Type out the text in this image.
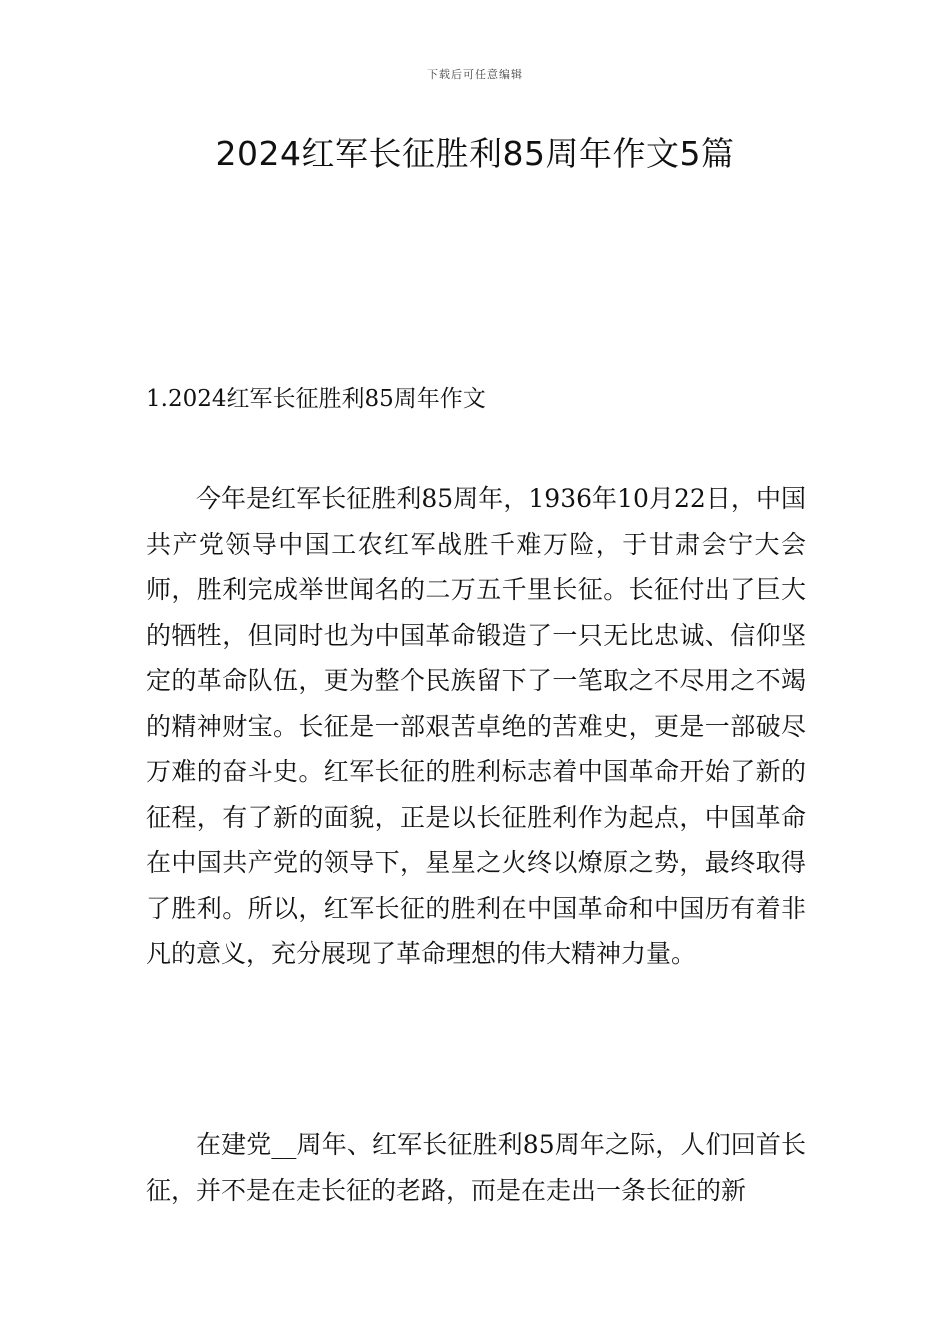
下载后可任意编辑
2024红军长征胜利85周年作文5篇
1.2024红军长征胜利85周年作文

今年是红军长征胜利85周年，1936年10月22日，中国共产党领导中国工农红军战胜千难万险，于甘肃会宁大会师，胜利完成举世闻名的二万五千里长征。长征付出了巨大的牺牲，但同时也为中国革命锻造了一只无比忠诚、信仰坚定的革命队伍，更为整个民族留下了一笔取之不尽用之不竭的精神财宝。长征是一部艰苦卓绝的苦难史，更是一部破尽万难的奋斗史。红军长征的胜利标志着中国革命开始了新的征程，有了新的面貌，正是以长征胜利作为起点，中国革命在中国共产党的领导下，星星之火终以燎原之势，最终取得了胜利。所以，红军长征的胜利在中国革命和中国历有着非凡的意义，充分展现了革命理想的伟大精神力量。

在建党__周年、红军长征胜利85周年之际，人们回首长征，并不是在走长征的老路，而是在走出一条长征的新
